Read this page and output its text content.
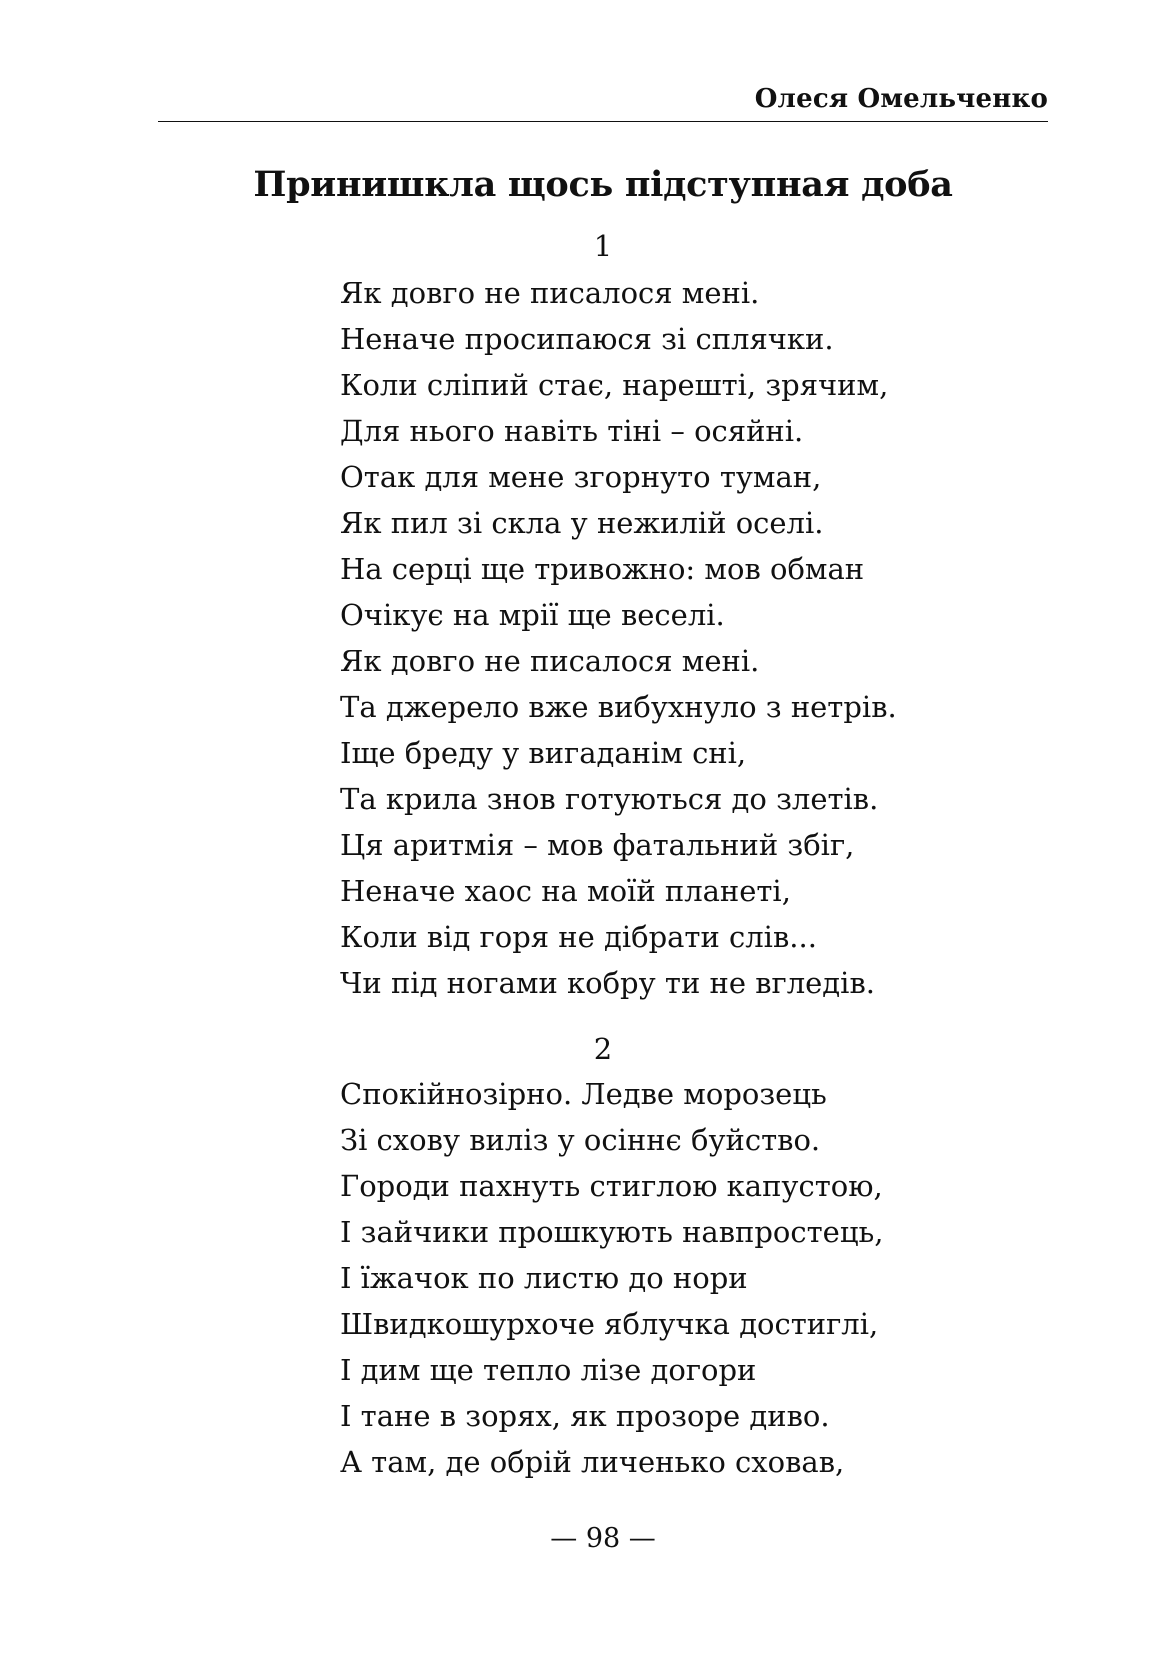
Олеся Омельченко
Принишкла щось підступная доба
1
Як довго не писалося мені.
Неначе просипаюся зі сплячки.
Коли сліпий стає, нарешті, зрячим,
Для нього навіть тіні – осяйні.
Отак для мене згорнуто туман,
Як пил зі скла у нежилій оселі.
На серці ще тривожно: мов обман
Очікує на мрії ще веселі.
Як довго не писалося мені.
Та джерело вже вибухнуло з нетрів.
Іще бреду у вигаданім сні,
Та крила знов готуються до злетів.
Ця аритмія – мов фатальний збіг,
Неначе хаос на моїй планеті,
Коли від горя не дібрати слів...
Чи під ногами кобру ти не вгледів.
2
Спокійнозірно. Ледве морозець
Зі схову виліз у осіннє буйство.
Городи пахнуть стиглою капустою,
І зайчики прошкують навпростець,
І їжачок по листю до нори
Швидкошурхоче яблучка достиглі,
І дим ще тепло лізе догори
І тане в зорях, як прозоре диво.
А там, де обрій личенько сховав,
— 98 —
